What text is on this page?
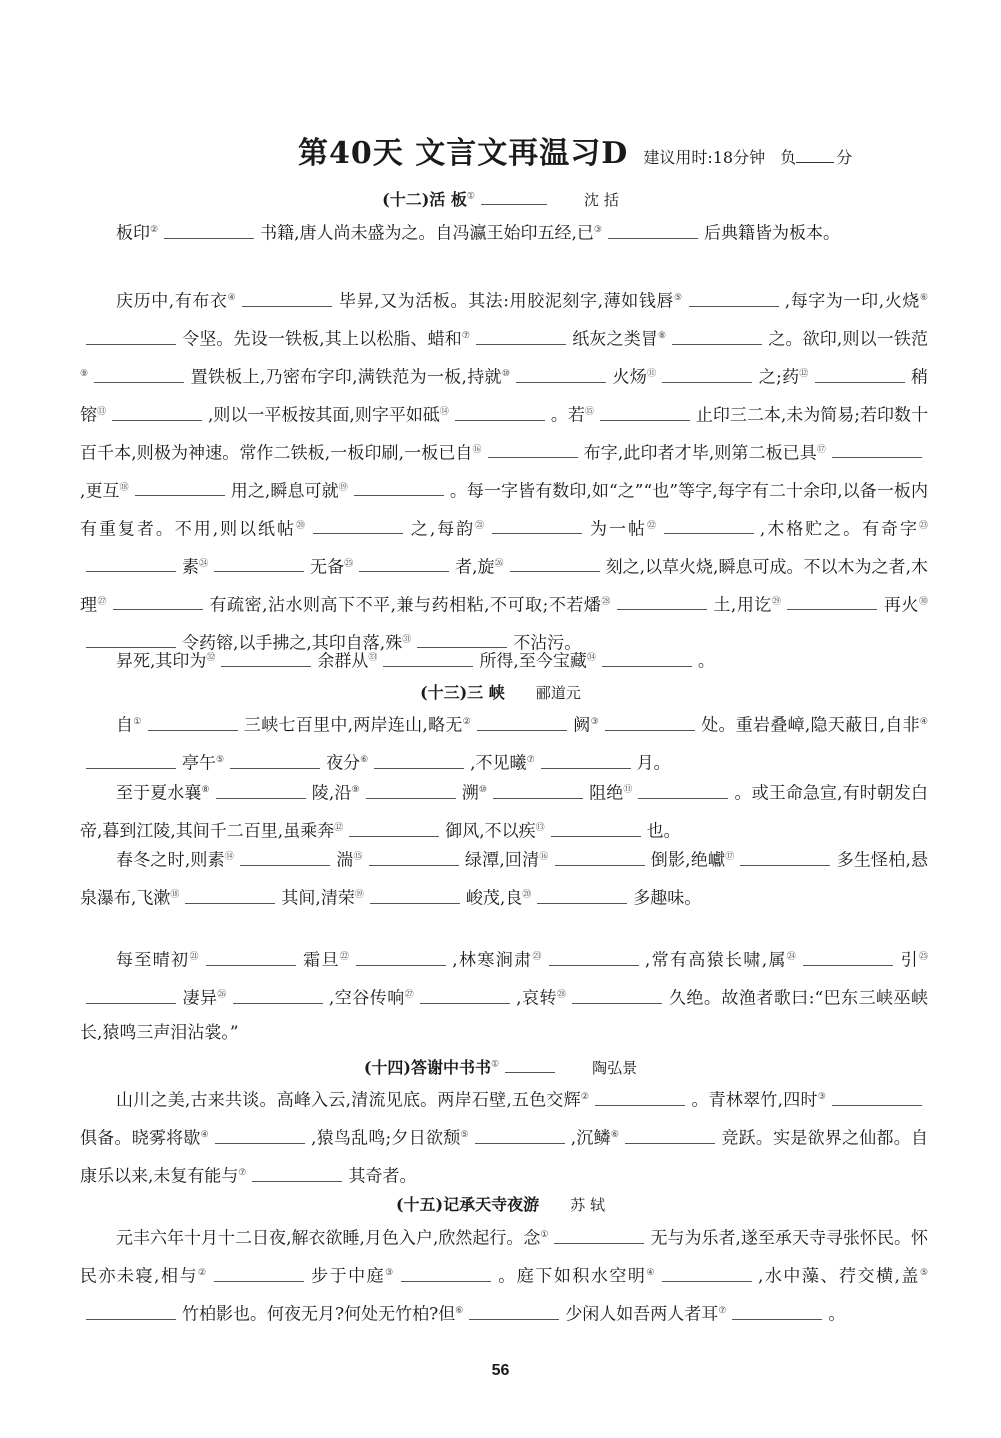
第40天 文言文再温习D 建议用时:18分钟 负	分
(十二)活 板①	沈 括
板印②	书籍,唐人尚未盛为之。自冯瀛王始印五经,已③	后典籍皆为板本。
庆历中,有布衣④	毕昇,又为活板。其法:用胶泥刻字,薄如钱唇⑤	,每字为一印,火烧⑥令坚。先设一铁板,其上以松脂、蜡和⑦	纸灰之类冒⑧	之。欲印,则以一铁范⑨	置铁板上,乃密布字印,满铁范为一板,持就⑩	火炀⑪	之;药⑫	稍镕⑬	,则以一平板按其面,则字平如砥⑭	。若⑮	止印三二本,未为简易;若印数十百千本,则极为神速。常作二铁板,一板印刷,一板已自⑯	布字,此印者才毕,则第二板已具⑰,更互⑱	用之,瞬息可就⑲	。每一字皆有数印,如“之”“也”等字,每字有二十余印,以备一板内有重复者。不用,则以纸帖⑳	之,每韵$^㉑$	为一帖$^㉒$	,木格贮之。有奇字$^㉓$素$^㉔$	无备$^㉕$	者,旋$^㉖$	刻之,以草火烧,瞬息可成。不以木为之者,木理$^㉗$	有疏密,沾水则高下不平,兼与药相粘,不可取;不若燔$^㉘$	土,用讫$^㉙$	再火$^㉚$令药镕,以手拂之,其印自落,殊$^㉛$	不沾污。
昇死,其印为$^㉜$	余群从$^㉝$	所得,至今宝藏$^㉞$	。
(十三)三 峡 郦道元
自①	三峡七百里中,两岸连山,略无②	阙③	处。重岩叠嶂,隐天蔽日,自非④亭午⑤	夜分⑥	,不见曦⑦	月。
至于夏水襄⑧	陵,沿⑨	溯⑩	阻绝⑪	。或王命急宣,有时朝发白帝,暮到江陵,其间千二百里,虽乘奔⑫	御风,不以疾⑬	也。
春冬之时,则素⑭	湍⑮	绿潭,回清⑯	倒影,绝巘⑰	多生怪柏,悬泉瀑布,飞漱⑱	其间,清荣⑲	峻茂,良⑳	多趣味。
每至晴初$^㉑$	霜旦$^㉒$	,林寒涧肃$^㉓$	,常有高猿长啸,属$^㉔$	引$^㉕$凄异$^㉖$	,空谷传响$^㉗$	,哀转$^㉘$	久绝。故渔者歌曰:“巴东三峡巫峡长,猿鸣三声泪沾裳。”
(十四)答谢中书书①	陶弘景
山川之美,古来共谈。高峰入云,清流见底。两岸石壁,五色交辉②	。青林翠竹,四时③俱备。晓雾将歇④	,猿鸟乱鸣;夕日欲颓⑤	,沉鳞⑥	竞跃。实是欲界之仙都。自康乐以来,未复有能与⑦	其奇者。
(十五)记承天寺夜游 苏 轼
元丰六年十月十二日夜,解衣欲睡,月色入户,欣然起行。念①	无与为乐者,遂至承天寺寻张怀民。怀民亦未寝,相与②	步于中庭③	。庭下如积水空明④	,水中藻、荇交横,盖⑤竹柏影也。何夜无月?何处无竹柏?但⑥	少闲人如吾两人者耳⑦	。
56
